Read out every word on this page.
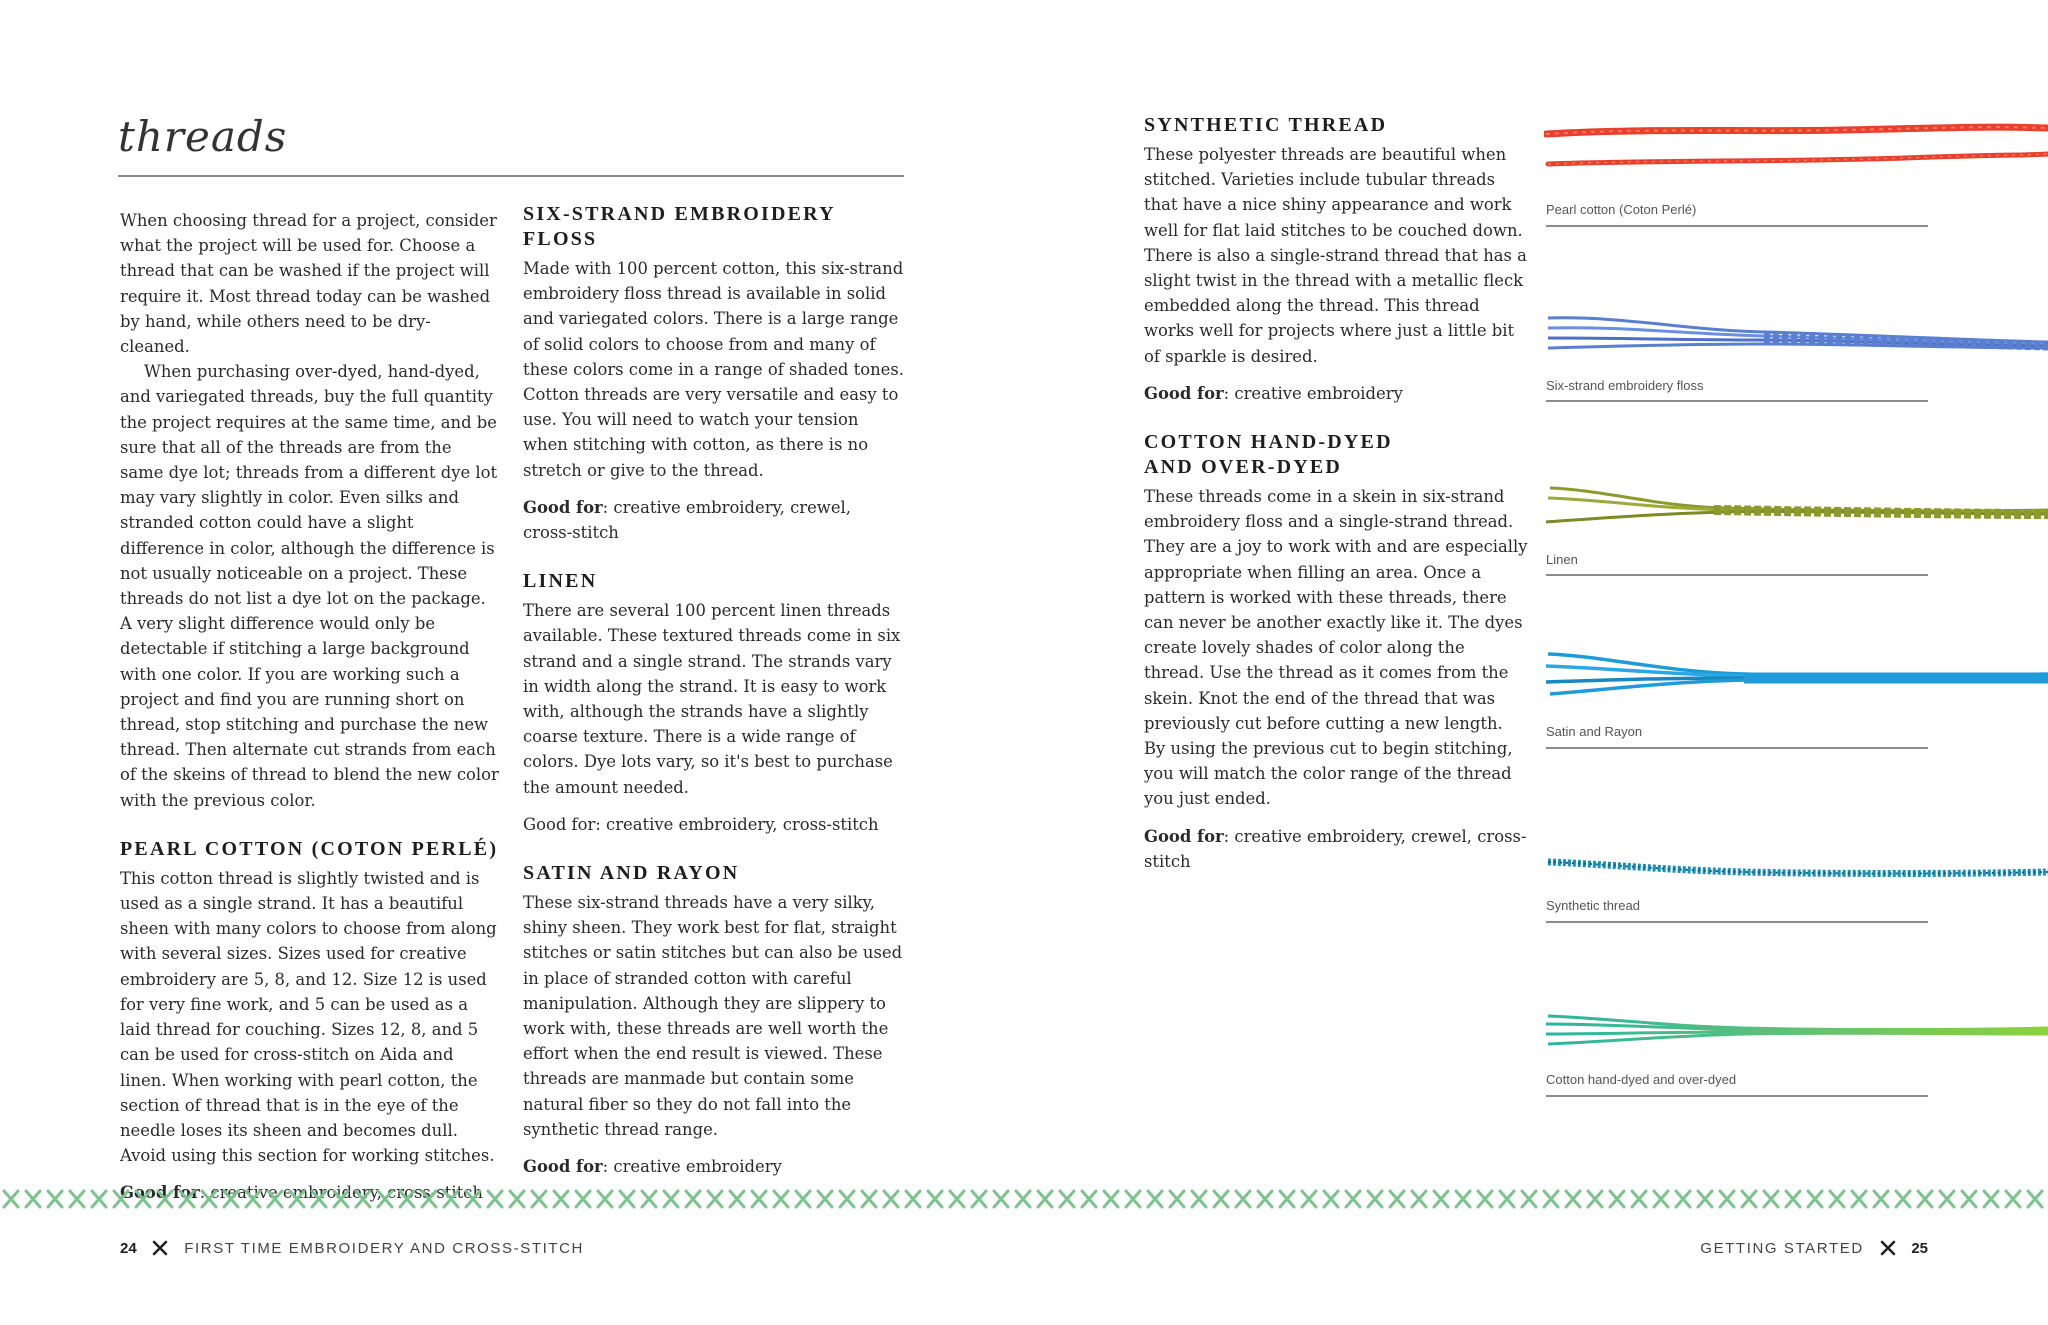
threads

When choosing thread for a project, consider what the project will be used for. Choose a thread that can be washed if the project will require it. Most thread today can be washed by hand, while others need to be dry-cleaned.

When purchasing over-dyed, hand-dyed, and variegated threads, buy the full quantity the project requires at the same time, and be sure that all of the threads are from the same dye lot; threads from a different dye lot may vary slightly in color. Even silks and stranded cotton could have a slight difference in color, although the difference is not usually noticeable on a project. These threads do not list a dye lot on the package. A very slight difference would only be detectable if stitching a large background with one color. If you are working such a project and find you are running short on thread, stop stitching and purchase the new thread. Then alternate cut strands from each of the skeins of thread to blend the new color with the previous color.

PEARL COTTON (COTON PERLÉ)

This cotton thread is slightly twisted and is used as a single strand. It has a beautiful sheen with many colors to choose from along with several sizes. Sizes used for creative embroidery are 5, 8, and 12. Size 12 is used for very fine work, and 5 can be used as a laid thread for couching. Sizes 12, 8, and 5 can be used for cross-stitch on Aida and linen. When working with pearl cotton, the section of thread that is in the eye of the needle loses its sheen and becomes dull. Avoid using this section for working stitches.

SIX-STRAND EMBROIDERY FLOSS

Made with 100 percent cotton, this six-strand embroidery floss thread is available in solid and variegated colors. There is a large range of solid colors to choose from and many of these colors come in a range of shaded tones. Cotton threads are very versatile and easy to use. You will need to watch your tension when stitching with cotton, as there is no stretch or give to the thread.

Good for: creative embroidery, crewel, cross-stitch

LINEN

There are several 100 percent linen threads available. These textured threads come in six strand and a single strand. The strands vary in width along the strand. It is easy to work with, although the strands have a slightly coarse texture. There is a wide range of colors. Dye lots vary, so it's best to purchase the amount needed.

Good for: creative embroidery, cross-stitch

SATIN AND RAYON

These six-strand threads have a very silky, shiny sheen. They work best for flat, straight stitches or satin stitches but can also be used in place of stranded cotton with careful manipulation. Although they are slippery to work with, these threads are well worth the effort when the end result is viewed. These threads are manmade but contain some natural fiber so they do not fall into the synthetic thread range.

Good for: creative embroidery

SYNTHETIC THREAD

These polyester threads are beautiful when stitched. Varieties include tubular threads that have a nice shiny appearance and work well for flat laid stitches to be couched down. There is also a single-strand thread that has a slight twist in the thread with a metallic fleck embedded along the thread. This thread works well for projects where just a little bit of sparkle is desired.

Good for: creative embroidery

COTTON HAND-DYED
AND OVER-DYED

These threads come in a skein in six-strand embroidery floss and a single-strand thread. They are a joy to work with and are especially appropriate when filling an area. Once a pattern is worked with these threads, there can never be another exactly like it. The dyes create lovely shades of color along the thread. Use the thread as it comes from the skein. Knot the end of the thread that was previously cut before cutting a new length. By using the previous cut to begin stitching, you will match the color range of the thread you just ended.

Good for: creative embroidery, crewel, cross-stitch

Pearl cotton (Coton Perlé)
Six-strand embroidery floss
Linen
Satin and Rayon
Synthetic thread
Cotton hand-dyed and over-dyed
24	FIRST TIME EMBROIDERY AND CROSS-STITCH	GETTING STARTED	25
